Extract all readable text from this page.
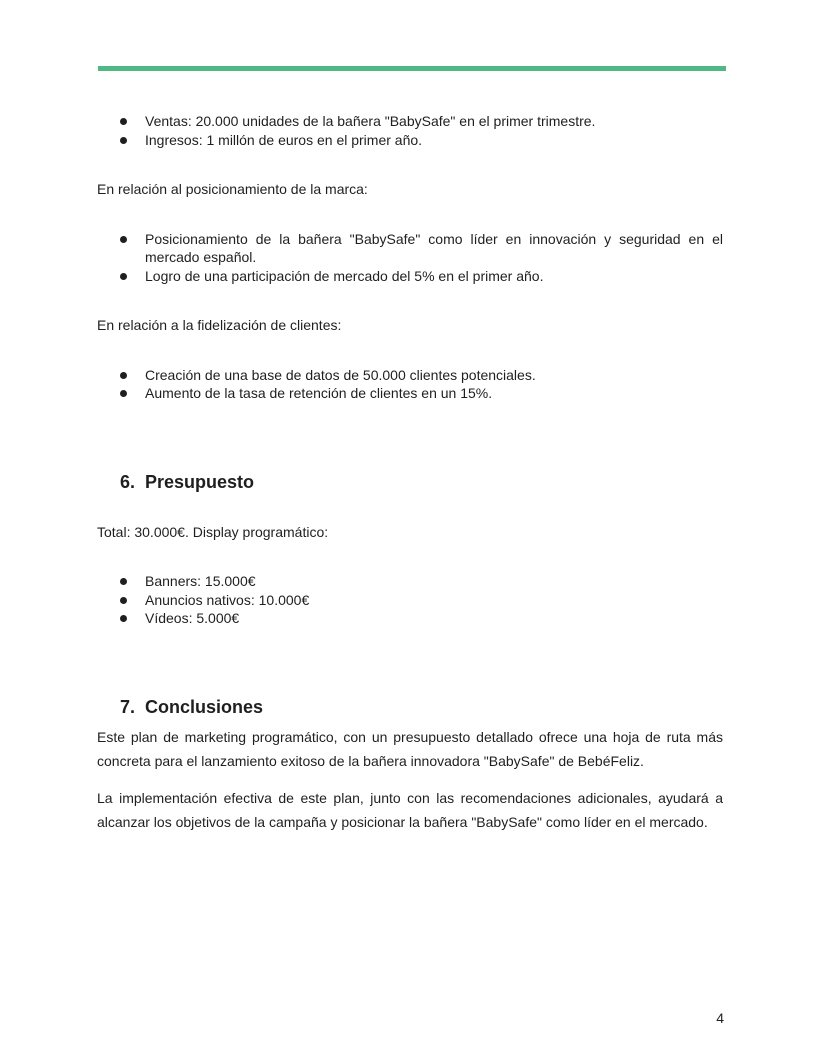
Ventas: 20.000 unidades de la bañera "BabySafe" en el primer trimestre.
Ingresos: 1 millón de euros en el primer año.

En relación al posicionamiento de la marca:

Posicionamiento de la bañera "BabySafe" como líder en innovación y seguridad en el mercado español.
Logro de una participación de mercado del 5% en el primer año.

En relación a la fidelización de clientes:

Creación de una base de datos de 50.000 clientes potenciales.
Aumento de la tasa de retención de clientes en un 15%.
6. Presupuesto

Total: 30.000€. Display programático:

Banners: 15.000€
Anuncios nativos: 10.000€
Vídeos: 5.000€
7. Conclusiones

Este plan de marketing programático, con un presupuesto detallado ofrece una hoja de ruta más concreta para el lanzamiento exitoso de la bañera innovadora "BabySafe" de BebéFeliz.

La implementación efectiva de este plan, junto con las recomendaciones adicionales, ayudará a alcanzar los objetivos de la campaña y posicionar la bañera "BabySafe" como líder en el mercado.

4
